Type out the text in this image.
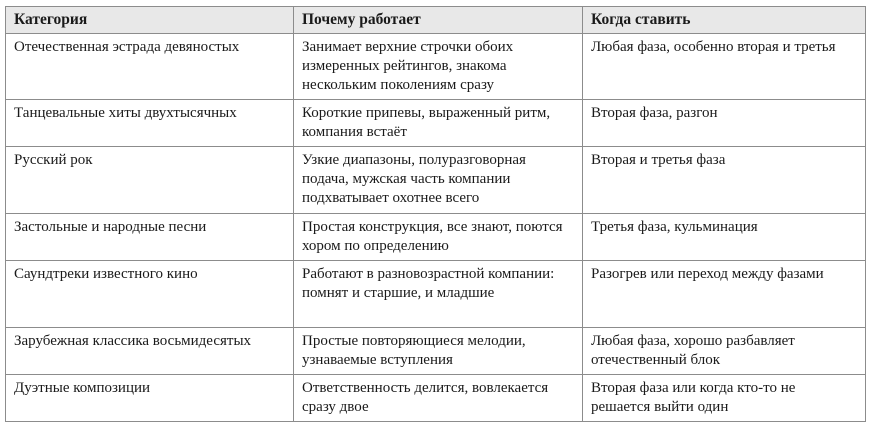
Категория	Почему работает	Когда ставить
Отечественная эстрада девяностых	Занимает верхние строчки обоих измеренных рейтингов, знакома нескольким поколениям сразу	Любая фаза, особенно вторая и третья
Танцевальные хиты двухтысячных	Короткие припевы, выраженный ритм, компания встаёт	Вторая фаза, разгон
Русский рок	Узкие диапазоны, полуразговорная подача, мужская часть компании подхватывает охотнее всего	Вторая и третья фаза
Застольные и народные песни	Простая конструкция, все знают, поются хором по определению	Третья фаза, кульминация
Саундтреки известного кино	Работают в разновозрастной компании: помнят и старшие, и младшие	Разогрев или переход между фазами
Зарубежная классика восьмидесятых	Простые повторяющиеся мелодии, узнаваемые вступления	Любая фаза, хорошо разбавляет отечественный блок
Дуэтные композиции	Ответственность делится, вовлекается сразу двое	Вторая фаза или когда кто-то не решается выйти один
